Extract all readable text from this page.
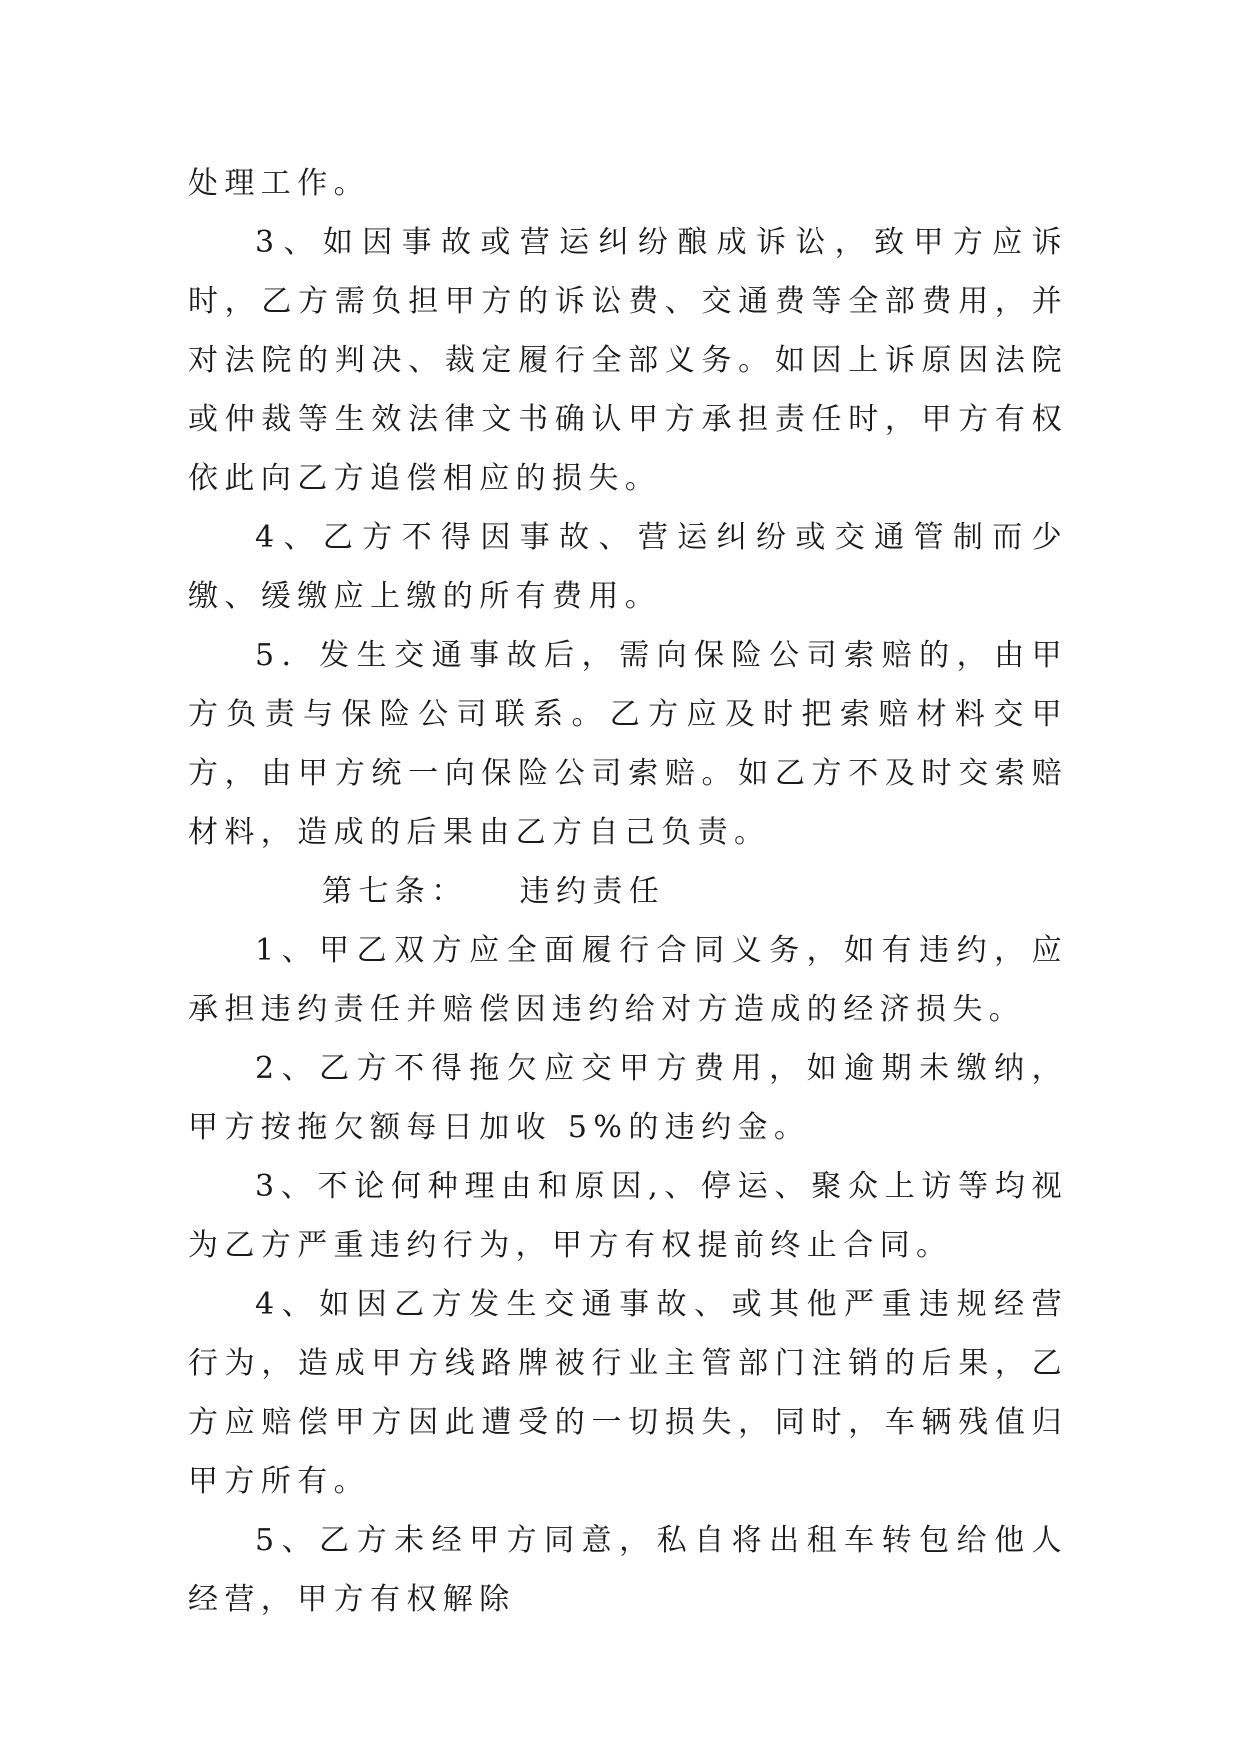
处理工作。

3、如因事故或营运纠纷酿成诉讼，致甲方应诉时，乙方需负担甲方的诉讼费、交通费等全部费用，并对法院的判决、裁定履行全部义务。如因上诉原因法院或仲裁等生效法律文书确认甲方承担责任时，甲方有权依此向乙方追偿相应的损失。

4、乙方不得因事故、营运纠纷或交通管制而少缴、缓缴应上缴的所有费用。

5．发生交通事故后，需向保险公司索赔的，由甲方负责与保险公司联系。乙方应及时把索赔材料交甲方，由甲方统一向保险公司索赔。如乙方不及时交索赔材料，造成的后果由乙方自己负责。

第七条： 违约责任

1、甲乙双方应全面履行合同义务，如有违约，应承担违约责任并赔偿因违约给对方造成的经济损失。

2、乙方不得拖欠应交甲方费用，如逾期未缴纳，甲方按拖欠额每日加收 5%的违约金。

3、不论何种理由和原因,、停运、聚众上访等均视为乙方严重违约行为，甲方有权提前终止合同。

4、如因乙方发生交通事故、或其他严重违规经营行为，造成甲方线路牌被行业主管部门注销的后果，乙方应赔偿甲方因此遭受的一切损失，同时，车辆残值归甲方所有。

5、乙方未经甲方同意，私自将出租车转包给他人经营，甲方有权解除
